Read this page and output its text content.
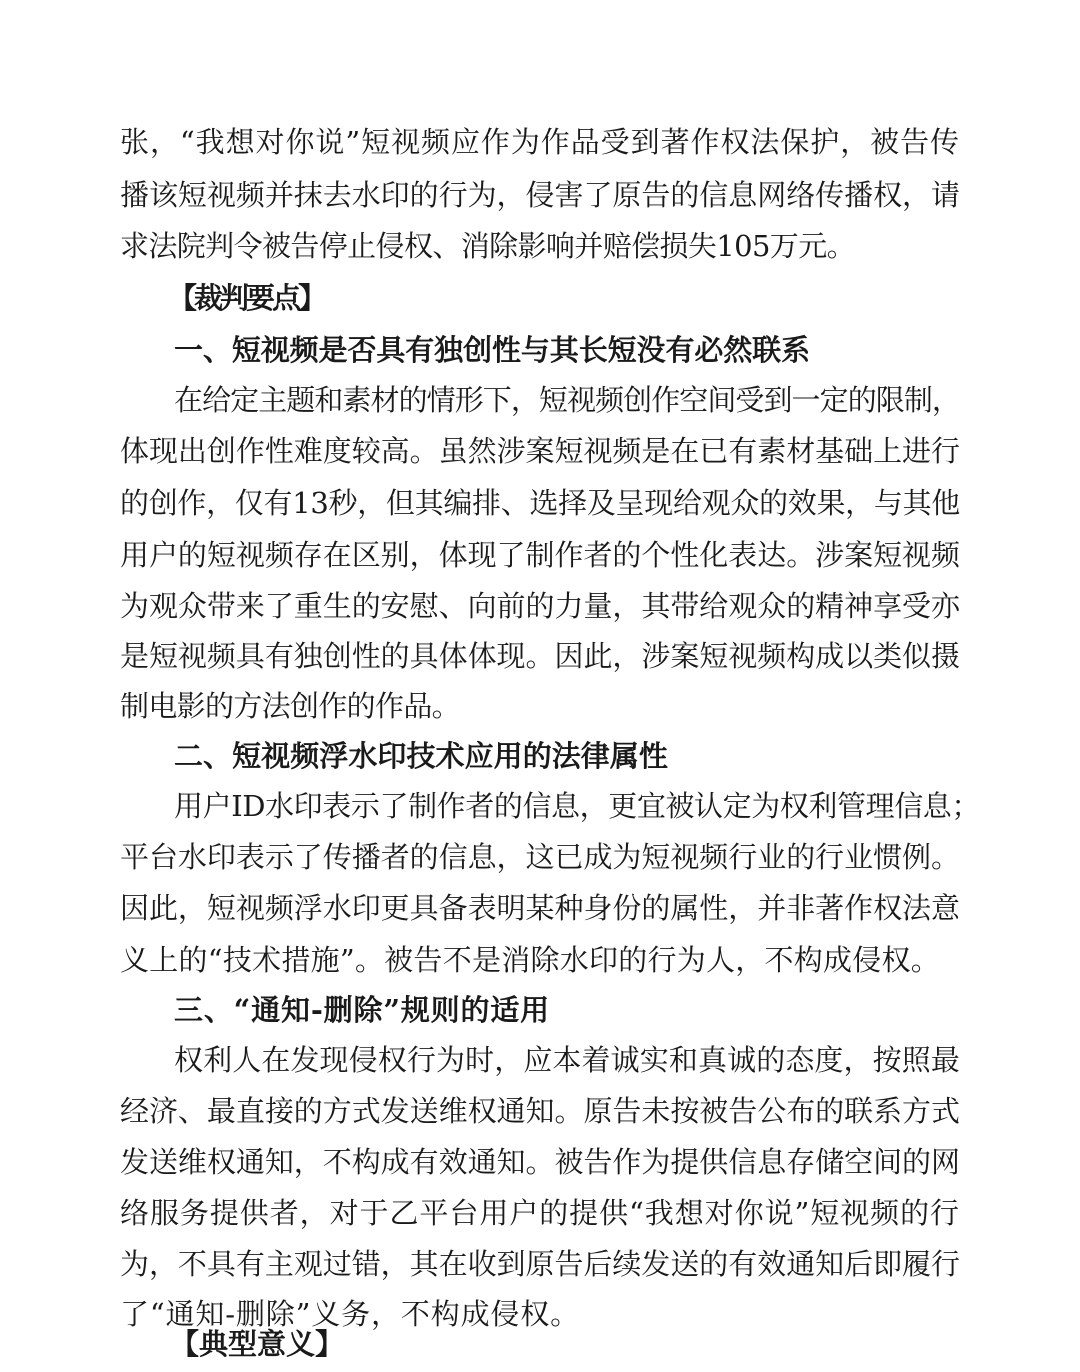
张，“我想对你说”短视频应作为作品受到著作权法保护，被告传
播该短视频并抹去水印的行为，侵害了原告的信息网络传播权，请
求法院判令被告停止侵权、消除影响并赔偿损失105万元。
【裁判要点】
一、短视频是否具有独创性与其长短没有必然联系
在给定主题和素材的情形下，短视频创作空间受到一定的限制，
体现出创作性难度较高。虽然涉案短视频是在已有素材基础上进行
的创作，仅有13秒，但其编排、选择及呈现给观众的效果，与其他
用户的短视频存在区别，体现了制作者的个性化表达。涉案短视频
为观众带来了重生的安慰、向前的力量，其带给观众的精神享受亦
是短视频具有独创性的具体体现。因此，涉案短视频构成以类似摄
制电影的方法创作的作品。
二、短视频浮水印技术应用的法律属性
用户ID水印表示了制作者的信息，更宜被认定为权利管理信息；
平台水印表示了传播者的信息，这已成为短视频行业的行业惯例。
因此，短视频浮水印更具备表明某种身份的属性，并非著作权法意
义上的“技术措施”。被告不是消除水印的行为人，不构成侵权。
三、“通知-删除”规则的适用
权利人在发现侵权行为时，应本着诚实和真诚的态度，按照最
经济、最直接的方式发送维权通知。原告未按被告公布的联系方式
发送维权通知，不构成有效通知。被告作为提供信息存储空间的网
络服务提供者，对于乙平台用户的提供“我想对你说”短视频的行
为，不具有主观过错，其在收到原告后续发送的有效通知后即履行
了“通知-删除”义务，不构成侵权。
【典型意义】
